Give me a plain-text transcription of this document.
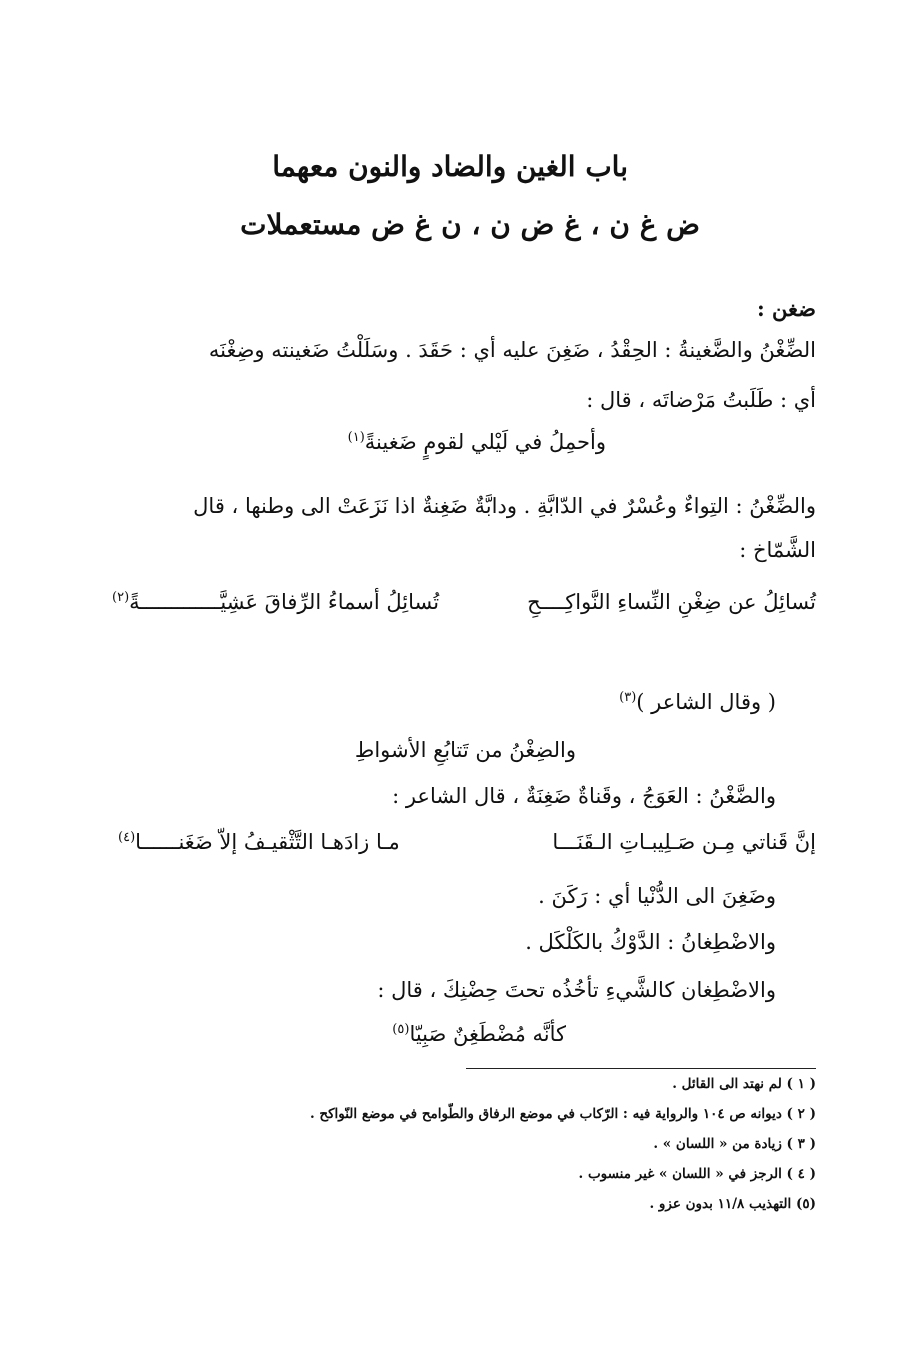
باب الغين والضاد والنون معهما
ض غ ن ، غ ض ن ، ن غ ض مستعملات
ضغن :
الضِّغْنُ والضَّغينةُ : الحِقْدُ ، ضَغِنَ عليه أي : حَقَدَ . وسَلَلْتُ ضَغينته وضِغْنَه
أي : طَلَبتُ مَرْضاتَه ، قال :
وأحمِلُ في لَيْلي لقومٍ ضَغينةً$^{(١)}$
والضِّغْنُ : التِواءٌ وعُسْرٌ في الدّابَّةِ . ودابَّةٌ ضَغِنةٌ اذا نَزَعَتْ الى وطنها ، قال
الشَّمّاخ :
تُسائِلُ عن ضِغْنِ النِّساءِ النَّواكِــــحِ
تُسائِلُ أسماءُ الرِّفاقَ عَشِيَّـــــــــــــةً$^{(٢)}$
( وقال الشاعر )$^{(٣)}$
والضِغْنُ من تَتابُعِ الأشواطِ
والضَّغْنُ : العَوَجُ ، وقَناةٌ ضَغِنَةٌ ، قال الشاعر :
إنَّ قَناتي مِـن صَـلِيبـاتِ الـقَنَـــا
مـا زادَهـا التَّثْقيـفُ إلاّ ضَغَنــــــا$^{(٤)}$
وضَغِنَ الى الدُّنْيا أي : رَكَنَ .
والاضْطِغانُ : الدَّوْكُ بالكَلْكَل .
والاضْطِغان كالشَّيءِ تأخُذُه تحتَ حِضْنِكَ ، قال :
كأنَّه مُضْطَغِنٌ صَبِيّا$^{(٥)}$
( ١ ) لم نهتد الى القائل .
( ٢ ) ديوانه ص ١٠٤ والرواية فيه : الرّكاب في موضع الرفاق والطّوامح في موضع النّواكح .
( ٣ ) زيادة من « اللسان » .
( ٤ ) الرجز في « اللسان » غير منسوب .
(٥) التهذيب ١١/٨ بدون عزو .
